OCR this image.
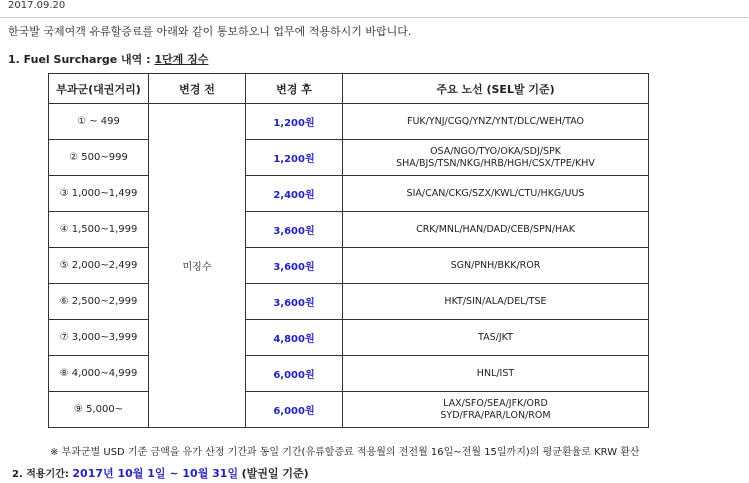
2017.09.20
한국발 국제여객 유류할증료를 아래와 같이 통보하오니 업무에 적용하시기 바랍니다.
1. Fuel Surcharge 내역 : 1단계 징수
부과군(대권거리)	변경 전	변경 후	주요 노선 (SEL발 기준)
① ~ 499	미징수	1,200원	FUK/YNJ/CGQ/YNZ/YNT/DLC/WEH/TAO

② 500~999		1,200원	OSA/NGO/TYO/OKA/SDJ/SPK
SHA/BJS/TSN/NKG/HRB/HGH/CSX/TPE/KHV

③ 1,000~1,499		2,400원	SIA/CAN/CKG/SZX/KWL/CTU/HKG/UUS

④ 1,500~1,999		3,600원	CRK/MNL/HAN/DAD/CEB/SPN/HAK

⑤ 2,000~2,499		3,600원	SGN/PNH/BKK/ROR

⑥ 2,500~2,999		3,600원	HKT/SIN/ALA/DEL/TSE

⑦ 3,000~3,999		4,800원	TAS/JKT

⑧ 4,000~4,999		6,000원	HNL/IST

⑨ 5,000~		6,000원	LAX/SFO/SEA/JFK/ORD
SYD/FRA/PAR/LON/ROM
※ 부과군별 USD 기준 금액을 유가 산정 기간과 동일 기간(유류할증료 적용월의 전전월 16일~전월 15일까지)의 평균환율로 KRW 환산
2. 적용기간: 2017년 10월 1일 ~ 10월 31일 (발권일 기준)
